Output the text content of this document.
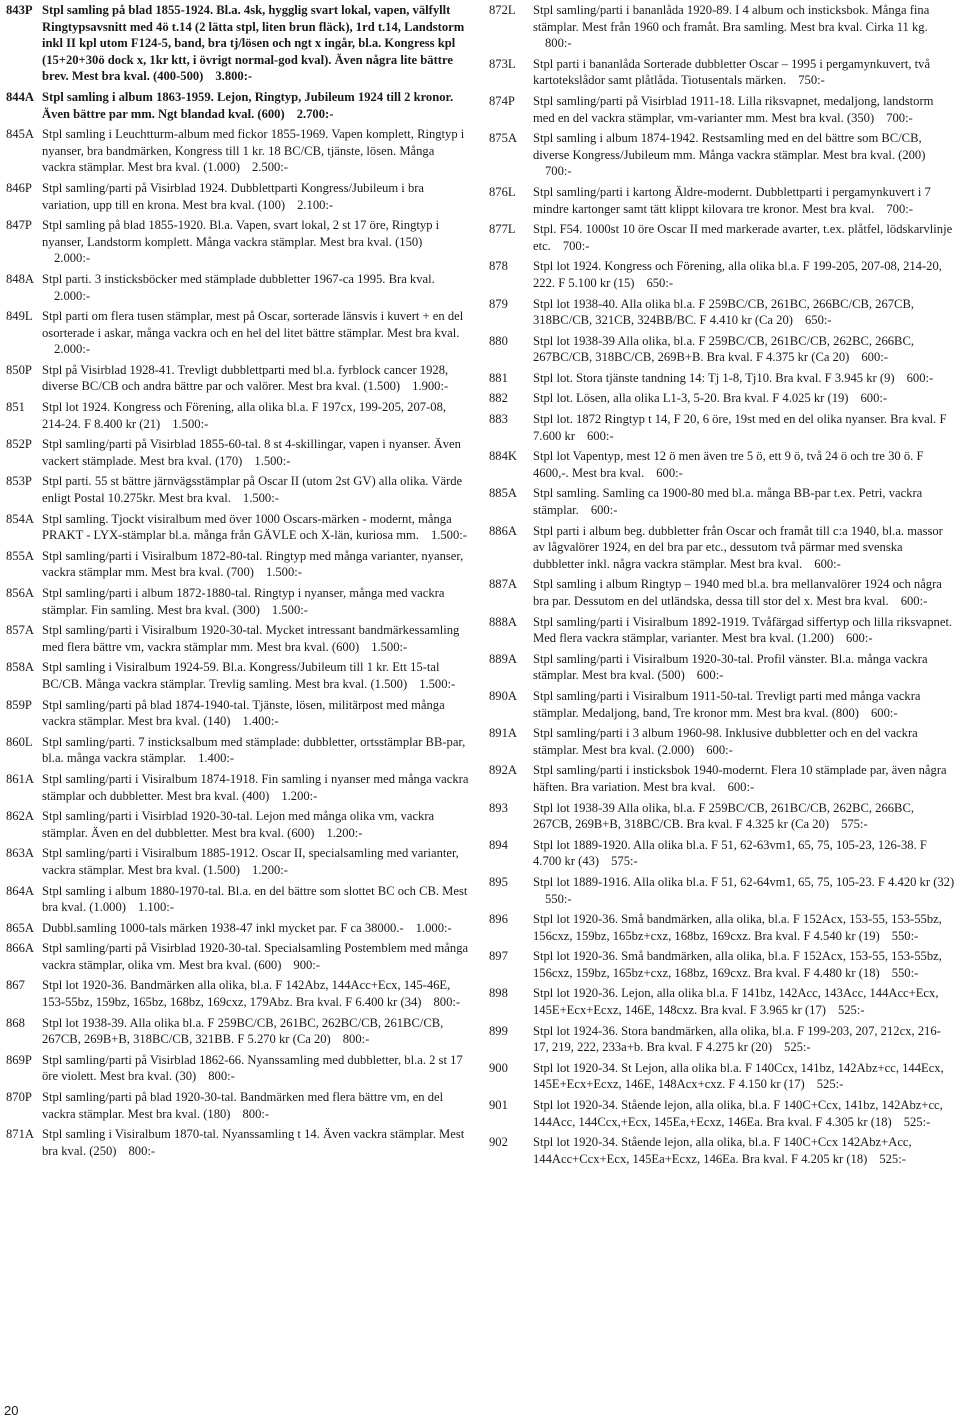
843P Stpl samling på blad 1855-1924. Bl.a. 4sk, hygglig svart lokal, vapen, välfyllt Ringtypsavsnitt med 4ö t.14 (2 lätta stpl, liten brun fläck), 1rd t.14, Landstorm inkl II kpl utom F124-5, band, bra tj/lösen och ngt x ingår, bl.a. Kongress kpl (15+20+30ö dock x, 1kr ktt, i övrigt normal-god kval). Även några lite bättre brev. Mest bra kval. (400-500) 3.800:-
844A Stpl samling i album 1863-1959. Lejon, Ringtyp, Jubileum 1924 till 2 kronor. Även bättre par mm. Ngt blandad kval. (600) 2.700:-
845A Stpl samling i Leuchtturm-album med fickor 1855-1969. Vapen komplett, Ringtyp i nyanser, bra bandmärken, Kongress till 1 kr. 18 BC/CB, tjänste, lösen. Många vackra stämplar. Mest bra kval. (1.000) 2.500:-
846P Stpl samling/parti på Visirblad 1924. Dubblettparti Kongress/Jubileum i bra variation, upp till en krona. Mest bra kval. (100) 2.100:-
847P Stpl samling på blad 1855-1920. Bl.a. Vapen, svart lokal, 2 st 17 öre, Ringtyp i nyanser, Landstorm komplett. Många vackra stämplar. Mest bra kval. (150)2.000:-
848A Stpl parti. 3 insticksböcker med stämplade dubbletter 1967-ca 1995. Bra kval.2.000:-
849L Stpl parti om flera tusen stämplar, mest på Oscar, sorterade länsvis i kuvert + en del osorterade i askar, många vackra och en hel del litet bättre stämplar. Mest bra kval.2.000:-
850P Stpl på Visirblad 1928-41. Trevligt dubblettparti med bl.a. fyrblock cancer 1928, diverse BC/CB och andra bättre par och valörer. Mest bra kval. (1.500) 1.900:-
851	Stpl lot 1924. Kongress och Förening, alla olika bl.a. F 197cx, 199-205, 207-08, 214-24. F 8.400 kr (21) 1.500:-
852P Stpl samling/parti på Visirblad 1855-60-tal. 8 st 4-skillingar, vapen i nyanser. Även vackert stämplade. Mest bra kval. (170) 1.500:-
853P Stpl parti. 55 st bättre järnvägsstämplar på Oscar II (utom 2st GV) alla olika. Värde enligt Postal 10.275kr. Mest bra kval. 1.500:-
854A Stpl samling. Tjockt visiralbum med över 1000 Oscars-märken - modernt, många PRAKT - LYX-stämplar bl.a. många från GÄVLE och X-län, kuriosa mm. 1.500:-
855A Stpl samling/parti i Visiralbum 1872-80-tal. Ringtyp med många varianter, nyanser, vackra stämplar mm. Mest bra kval. (700) 1.500:-
856A Stpl samling/parti i album 1872-1880-tal. Ringtyp i nyanser, många med vackra stämplar. Fin samling. Mest bra kval. (300) 1.500:-
857A Stpl samling/parti i Visiralbum 1920-30-tal. Mycket intressant bandmärkessamling med flera bättre vm, vackra stämplar mm. Mest bra kval. (600) 1.500:-
858A Stpl samling i Visiralbum 1924-59. Bl.a. Kongress/Jubileum till 1 kr. Ett 15-tal BC/CB. Många vackra stämplar. Trevlig samling. Mest bra kval. (1.500) 1.500:-
859P Stpl samling/parti på blad 1874-1940-tal. Tjänste, lösen, militärpost med många vackra stämplar. Mest bra kval. (140) 1.400:-
860L Stpl samling/parti. 7 insticksalbum med stämplade: dubbletter, ortsstämplar BB-par, bl.a. många vackra stämplar. 1.400:-
861A Stpl samling/parti i Visiralbum 1874-1918. Fin samling i nyanser med många vackra stämplar och dubbletter. Mest bra kval. (400) 1.200:-
862A Stpl samling/parti i Visirblad 1920-30-tal. Lejon med många olika vm, vackra stämplar. Även en del dubbletter. Mest bra kval. (600) 1.200:-
863A Stpl samling/parti i Visiralbum 1885-1912. Oscar II, specialsamling med varianter, vackra stämplar. Mest bra kval. (1.500) 1.200:-
864A Stpl samling i album 1880-1970-tal. Bl.a. en del bättre som slottet BC och CB. Mest bra kval. (1.000) 1.100:-
865A Dubbl.samling 1000-tals märken 1938-47 inkl mycket par. F ca 38000.- 1.000:-
866A Stpl samling/parti på Visirblad 1920-30-tal. Specialsamling Postemblem med många vackra stämplar, olika vm. Mest bra kval. (600) 900:-
867	Stpl lot 1920-36. Bandmärken alla olika, bl.a. F 142Abz, 144Acc+Ecx, 145-46E, 153-55bz, 159bz, 165bz, 168bz, 169cxz, 179Abz. Bra kval. F 6.400 kr (34) 800:-
868	Stpl lot 1938-39. Alla olika bl.a. F 259BC/CB, 261BC, 262BC/CB, 261BC/CB, 267CB, 269B+B, 318BC/CB, 321BB. F 5.270 kr (Ca 20) 800:-
869P Stpl samling/parti på Visirblad 1862-66. Nyanssamling med dubbletter, bl.a. 2 st 17 öre violett. Mest bra kval. (30) 800:-
870P Stpl samling/parti på blad 1920-30-tal. Bandmärken med flera bättre vm, en del vackra stämplar. Mest bra kval. (180) 800:-
871A Stpl samling i Visiralbum 1870-tal. Nyanssamling t 14. Även vackra stämplar. Mest bra kval. (250) 800:-
872L	Stpl samling/parti i bananlåda 1920-89. I 4 album och insticksbok. Många fina stämplar. Mest från 1960 och framåt. Bra samling. Mest bra kval. Cirka 11 kg.800:-
873L	Stpl parti i bananlåda Sorterade dubbletter Oscar – 1995 i pergamynkuvert, två kartotekslådor samt plåtlåda. Tiotusentals märken. 750:-
874P	Stpl samling/parti på Visirblad 1911-18. Lilla riksvapnet, medaljong, landstorm med en del vackra stämplar, vm-varianter mm. Mest bra kval. (350) 700:-
875A	Stpl samling i album 1874-1942. Restsamling med en del bättre som BC/CB, diverse Kongress/Jubileum mm. Många vackra stämplar. Mest bra kval. (200)700:-
876L	Stpl samling/parti i kartong Äldre-modernt. Dubblettparti i pergamynkuvert i 7 mindre kartonger samt tätt klippt kilovara tre kronor. Mest bra kval. 700:-
877L	Stpl. F54. 1000st 10 öre Oscar II med markerade avarter, t.ex. plåtfel, lödskarvlinje etc. 700:-
878	Stpl lot 1924. Kongress och Förening, alla olika bl.a. F 199-205, 207-08, 214-20, 222. F 5.100 kr (15) 650:-
879	Stpl lot 1938-40. Alla olika bl.a. F 259BC/CB, 261BC, 266BC/CB, 267CB, 318BC/CB, 321CB, 324BB/BC. F 4.410 kr (Ca 20) 650:-
880	Stpl lot 1938-39 Alla olika, bl.a. F 259BC/CB, 261BC/CB, 262BC, 266BC, 267BC/CB, 318BC/CB, 269B+B. Bra kval. F 4.375 kr (Ca 20) 600:-
881	Stpl lot. Stora tjänste tandning 14: Tj 1-8, Tj10. Bra kval. F 3.945 kr (9) 600:-
882	Stpl lot. Lösen, alla olika L1-3, 5-20. Bra kval. F 4.025 kr (19) 600:-
883	Stpl lot. 1872 Ringtyp t 14, F 20, 6 öre, 19st med en del olika nyanser. Bra kval. F 7.600 kr 600:-
884K	Stpl lot Vapentyp, mest 12 ö men även tre 5 ö, ett 9 ö, två 24 ö och tre 30 ö. F 4600,-. Mest bra kval. 600:-
885A	Stpl samling. Samling ca 1900-80 med bl.a. många BB-par t.ex. Petri, vackra stämplar. 600:-
886A	Stpl parti i album beg. dubbletter från Oscar och framåt till c:a 1940, bl.a. massor av lågvalörer 1924, en del bra par etc., dessutom två pärmar med svenska dubbletter inkl. några vackra stämplar. Mest bra kval. 600:-
887A	Stpl samling i album Ringtyp – 1940 med bl.a. bra mellanvalörer 1924 och några bra par. Dessutom en del utländska, dessa till stor del x. Mest bra kval. 600:-
888A	Stpl samling/parti i Visiralbum 1892-1919. Tvåfärgad siffertyp och lilla riksvapnet. Med flera vackra stämplar, varianter. Mest bra kval. (1.200) 600:-
889A	Stpl samling/parti i Visiralbum 1920-30-tal. Profil vänster. Bl.a. många vackra stämplar. Mest bra kval. (500) 600:-
890A	Stpl samling/parti i Visiralbum 1911-50-tal. Trevligt parti med många vackra stämplar. Medaljong, band, Tre kronor mm. Mest bra kval. (800) 600:-
891A	Stpl samling/parti i 3 album 1960-98. Inklusive dubbletter och en del vackra stämplar. Mest bra kval. (2.000) 600:-
892A	Stpl samling/parti i insticksbok 1940-modernt. Flera 10 stämplade par, även några häften. Bra variation. Mest bra kval. 600:-
893	Stpl lot 1938-39 Alla olika, bl.a. F 259BC/CB, 261BC/CB, 262BC, 266BC, 267CB, 269B+B, 318BC/CB. Bra kval. F 4.325 kr (Ca 20) 575:-
894	Stpl lot 1889-1920. Alla olika bl.a. F 51, 62-63vm1, 65, 75, 105-23, 126-38. F 4.700 kr (43) 575:-
895	Stpl lot 1889-1916. Alla olika bl.a. F 51, 62-64vm1, 65, 75, 105-23. F 4.420 kr (32)550:-
896	Stpl lot 1920-36. Små bandmärken, alla olika, bl.a. F 152Acx, 153-55, 153-55bz, 156cxz, 159bz, 165bz+cxz, 168bz, 169cxz. Bra kval. F 4.540 kr (19) 550:-
897	Stpl lot 1920-36. Små bandmärken, alla olika, bl.a. F 152Acx, 153-55, 153-55bz, 156cxz, 159bz, 165bz+cxz, 168bz, 169cxz. Bra kval. F 4.480 kr (18) 550:-
898	Stpl lot 1920-36. Lejon, alla olika bl.a. F 141bz, 142Acc, 143Acc, 144Acc+Ecx, 145E+Ecx+Ecxz, 146E, 148cxz. Bra kval. F 3.965 kr (17) 525:-
899	Stpl lot 1924-36. Stora bandmärken, alla olika, bl.a. F 199-203, 207, 212cx, 216-17, 219, 222, 233a+b. Bra kval. F 4.275 kr (20) 525:-
900	Stpl lot 1920-34. St Lejon, alla olika bl.a. F 140Ccx, 141bz, 142Abz+cc, 144Ecx, 145E+Ecx+Ecxz, 146E, 148Acx+cxz. F 4.150 kr (17) 525:-
901	Stpl lot 1920-34. Stående lejon, alla olika, bl.a. F 140C+Ccx, 141bz, 142Abz+cc, 144Acc, 144Ccx,+Ecx, 145Ea,+Ecxz, 146Ea. Bra kval. F 4.305 kr (18) 525:-
902	Stpl lot 1920-34. Stående lejon, alla olika, bl.a. F 140C+Ccx 142Abz+Acc, 144Acc+Ccx+Ecx, 145Ea+Ecxz, 146Ea. Bra kval. F 4.205 kr (18) 525:-
20
